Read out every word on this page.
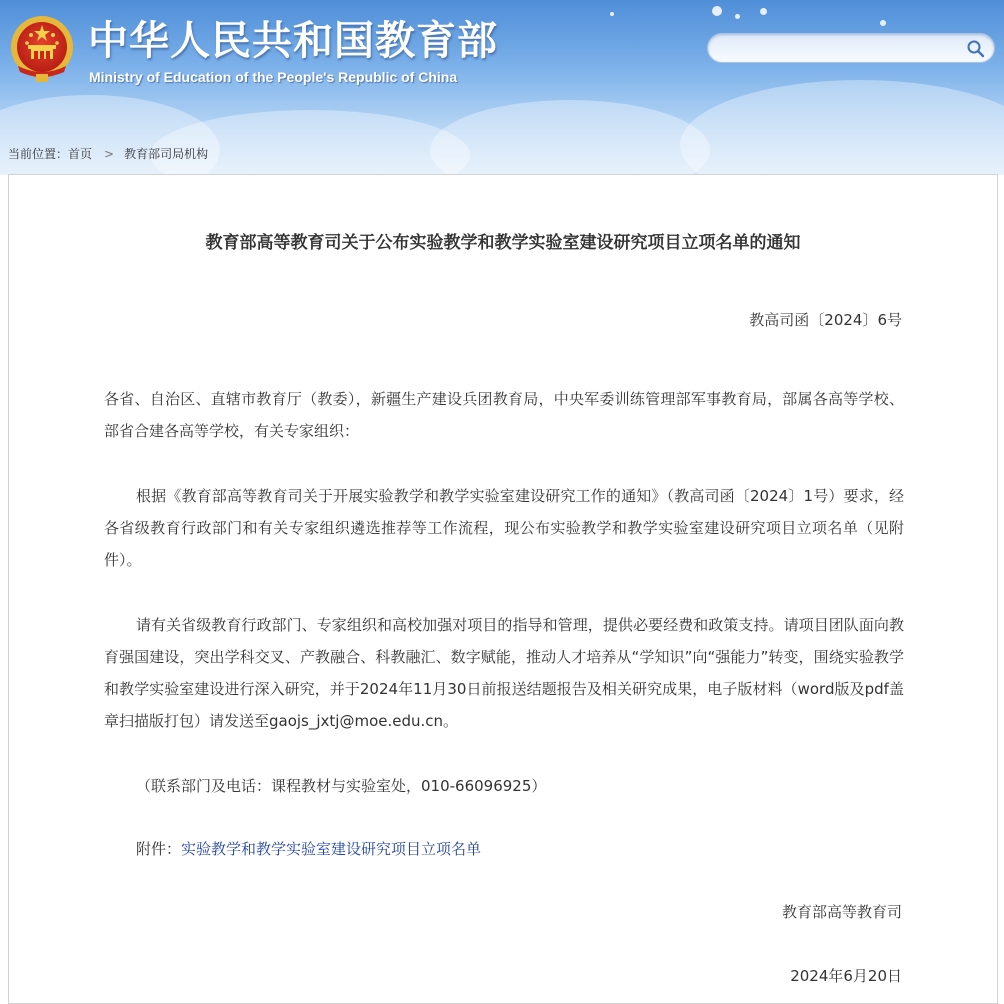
中华人民共和国教育部
Ministry of Education of the People's Republic of China
当前位置：首页 > 教育部司局机构
教育部高等教育司关于公布实验教学和教学实验室建设研究项目立项名单的通知
教高司函〔2024〕6号
各省、自治区、直辖市教育厅（教委），新疆生产建设兵团教育局，中央军委训练管理部军事教育局，部属各高等学校、部省合建各高等学校，有关专家组织：
根据《教育部高等教育司关于开展实验教学和教学实验室建设研究工作的通知》（教高司函〔2024〕1号）要求，经各省级教育行政部门和有关专家组织遴选推荐等工作流程，现公布实验教学和教学实验室建设研究项目立项名单（见附件）。
请有关省级教育行政部门、专家组织和高校加强对项目的指导和管理，提供必要经费和政策支持。请项目团队面向教育强国建设，突出学科交叉、产教融合、科教融汇、数字赋能，推动人才培养从“学知识”向“强能力”转变，围绕实验教学和教学实验室建设进行深入研究，并于2024年11月30日前报送结题报告及相关研究成果，电子版材料（word版及pdf盖章扫描版打包）请发送至gaojs_jxtj@moe.edu.cn。
（联系部门及电话：课程教材与实验室处，010-66096925）
附件：实验教学和教学实验室建设研究项目立项名单
教育部高等教育司
2024年6月20日
